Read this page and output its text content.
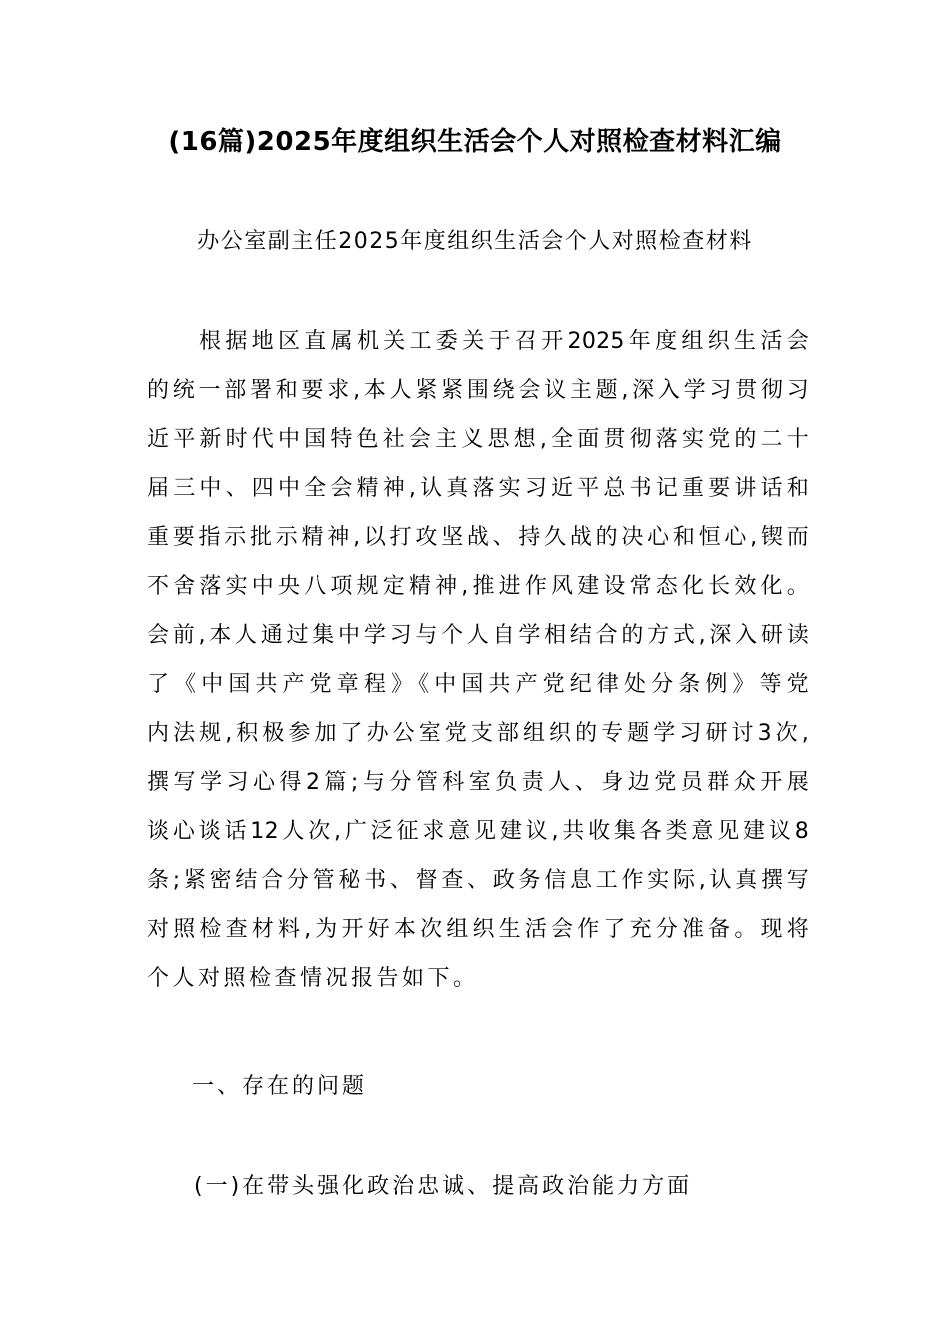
(16篇)2025年度组织生活会个人对照检查材料汇编
办公室副主任2025年度组织生活会个人对照检查材料
根据地区直属机关工委关于召开2025年度组织生活会
的统一部署和要求,本人紧紧围绕会议主题,深入学习贯彻习
近平新时代中国特色社会主义思想,全面贯彻落实党的二十
届三中、四中全会精神,认真落实习近平总书记重要讲话和
重要指示批示精神,以打攻坚战、持久战的决心和恒心,锲而
不舍落实中央八项规定精神,推进作风建设常态化长效化。
会前,本人通过集中学习与个人自学相结合的方式,深入研读
了《中国共产党章程》《中国共产党纪律处分条例》等党
内法规,积极参加了办公室党支部组织的专题学习研讨3次,
撰写学习心得2篇;与分管科室负责人、身边党员群众开展
谈心谈话12人次,广泛征求意见建议,共收集各类意见建议8
条;紧密结合分管秘书、督查、政务信息工作实际,认真撰写
对照检查材料,为开好本次组织生活会作了充分准备。现将
个人对照检查情况报告如下。
一、存在的问题
(一)在带头强化政治忠诚、提高政治能力方面
